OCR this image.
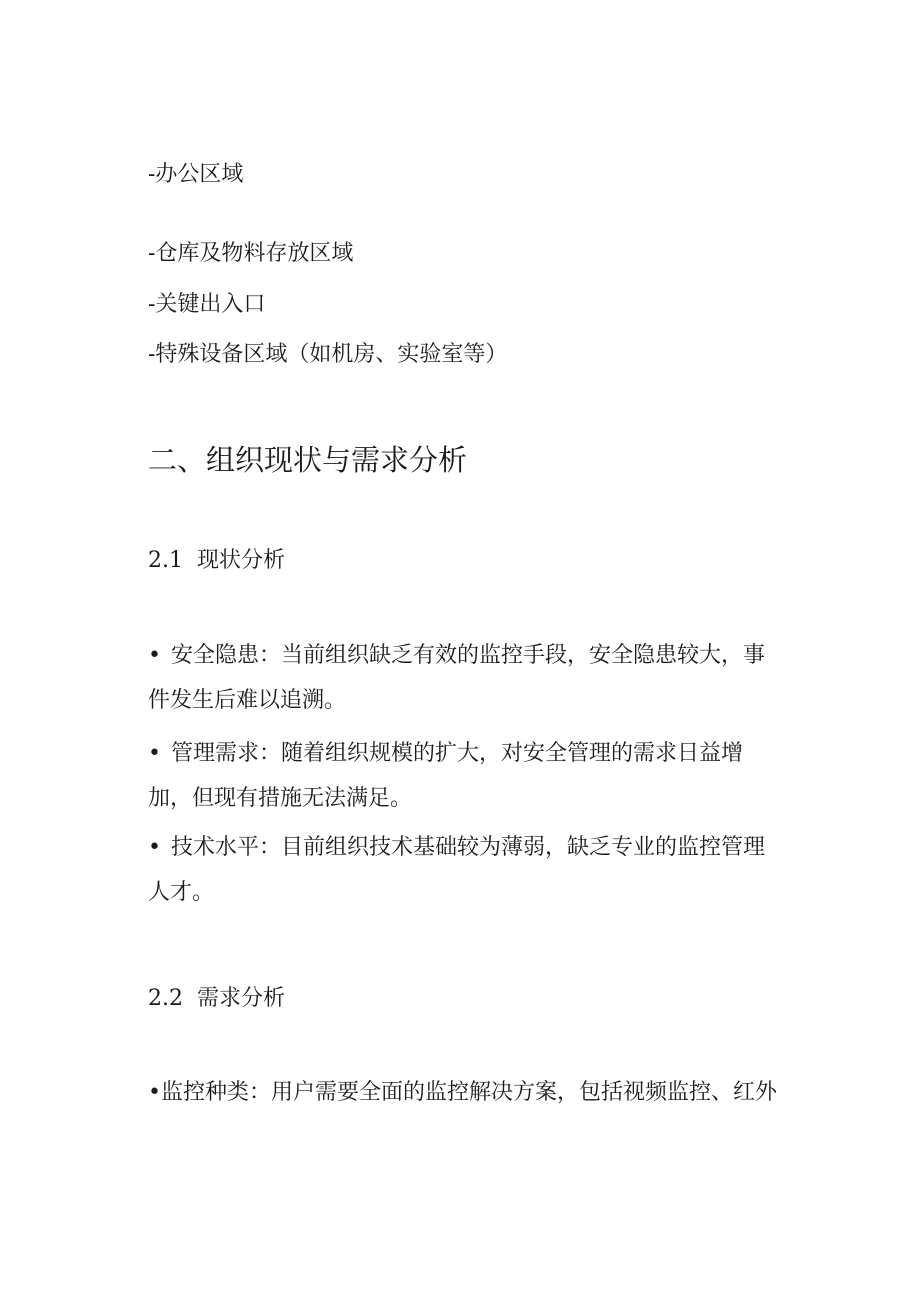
-办公区域
-仓库及物料存放区域
-关键出入口
-特殊设备区域（如机房、实验室等）
二、组织现状与需求分析
2.1 现状分析
• 安全隐患：当前组织缺乏有效的监控手段，安全隐患较大，事
件发生后难以追溯。
• 管理需求：随着组织规模的扩大，对安全管理的需求日益增
加，但现有措施无法满足。
• 技术水平：目前组织技术基础较为薄弱，缺乏专业的监控管理
人才。
2.2 需求分析
•监控种类：用户需要全面的监控解决方案，包括视频监控、红外
